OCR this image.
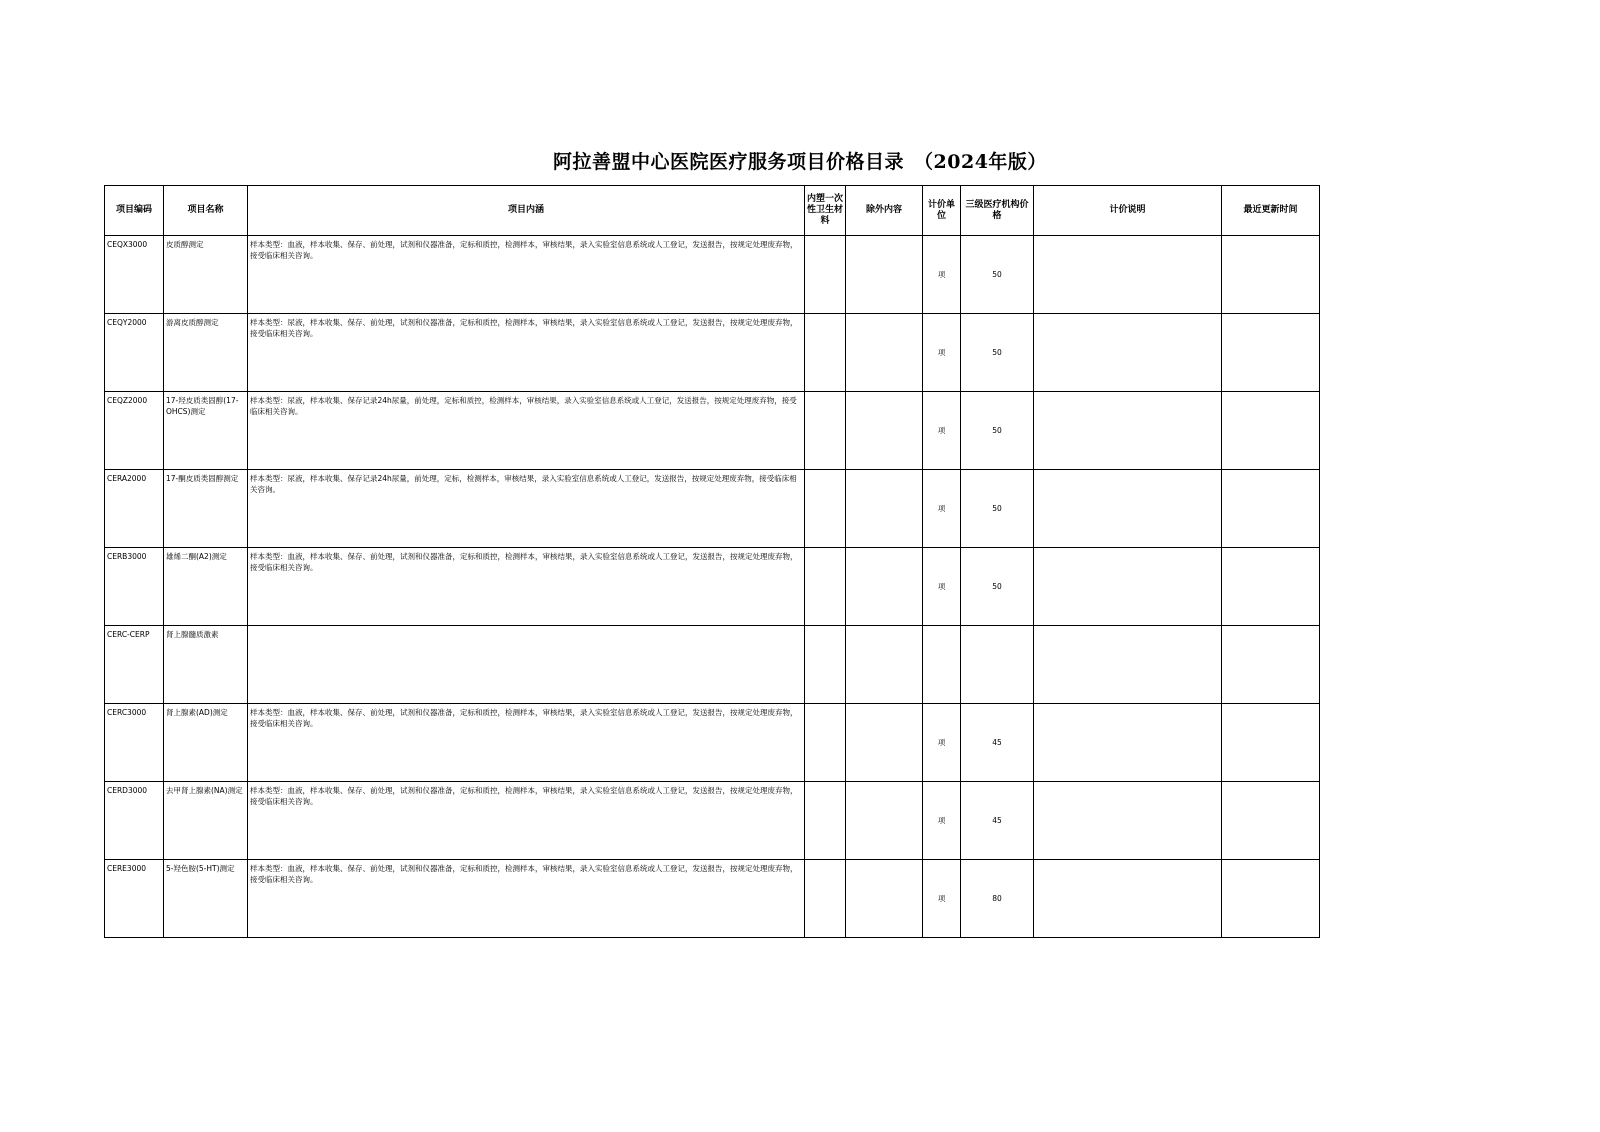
阿拉善盟中心医院医疗服务项目价格目录　（2024年版）
项目编码	项目名称	项目内涵	内塑一次性卫生材料	除外内容	计价单位	三级医疗机构价格	计价说明	最近更新时间
CEQX3000	皮质醇测定	样本类型：血液，样本收集、保存、前处理，试剂和仪器准备，定标和质控，检测样本，审核结果，录入实验室信息系统或人工登记，发送报告，按规定处理废弃物，接受临床相关咨询。			项	50		
CEQY2000	游离皮质醇测定	样本类型：尿液，样本收集、保存、前处理，试剂和仪器准备，定标和质控，检测样本，审核结果，录入实验室信息系统或人工登记，发送报告，按规定处理废弃物，接受临床相关咨询。			项	50		
CEQZ2000	17-羟皮质类固醇(17-OHCS)测定	样本类型：尿液，样本收集、保存记录24h尿量，前处理，定标和质控，检测样本，审核结果，录入实验室信息系统或人工登记，发送报告，按规定处理废弃物，接受临床相关咨询。			项	50		
CERA2000	17-酮皮质类固醇测定	样本类型：尿液，样本收集、保存记录24h尿量，前处理，定标，检测样本，审核结果，录入实验室信息系统或人工登记，发送报告，按规定处理废弃物，接受临床相关咨询。			项	50		
CERB3000	雄烯二酮(A2)测定	样本类型：血液，样本收集、保存、前处理，试剂和仪器准备，定标和质控，检测样本，审核结果，录入实验室信息系统或人工登记，发送报告，按规定处理废弃物，接受临床相关咨询。			项	50		
CERC-CERP	肾上腺髓质激素							
CERC3000	肾上腺素(AD)测定	样本类型：血液，样本收集、保存、前处理，试剂和仪器准备，定标和质控，检测样本，审核结果，录入实验室信息系统或人工登记，发送报告，按规定处理废弃物，接受临床相关咨询。			项	45		
CERD3000	去甲肾上腺素(NA)测定	样本类型：血液，样本收集、保存、前处理，试剂和仪器准备，定标和质控，检测样本，审核结果，录入实验室信息系统或人工登记，发送报告，按规定处理废弃物，接受临床相关咨询。			项	45		
CERE3000	5-羟色胺(5-HT)测定	样本类型：血液，样本收集、保存、前处理，试剂和仪器准备，定标和质控，检测样本，审核结果，录入实验室信息系统或人工登记，发送报告，按规定处理废弃物，接受临床相关咨询。			项	80		
